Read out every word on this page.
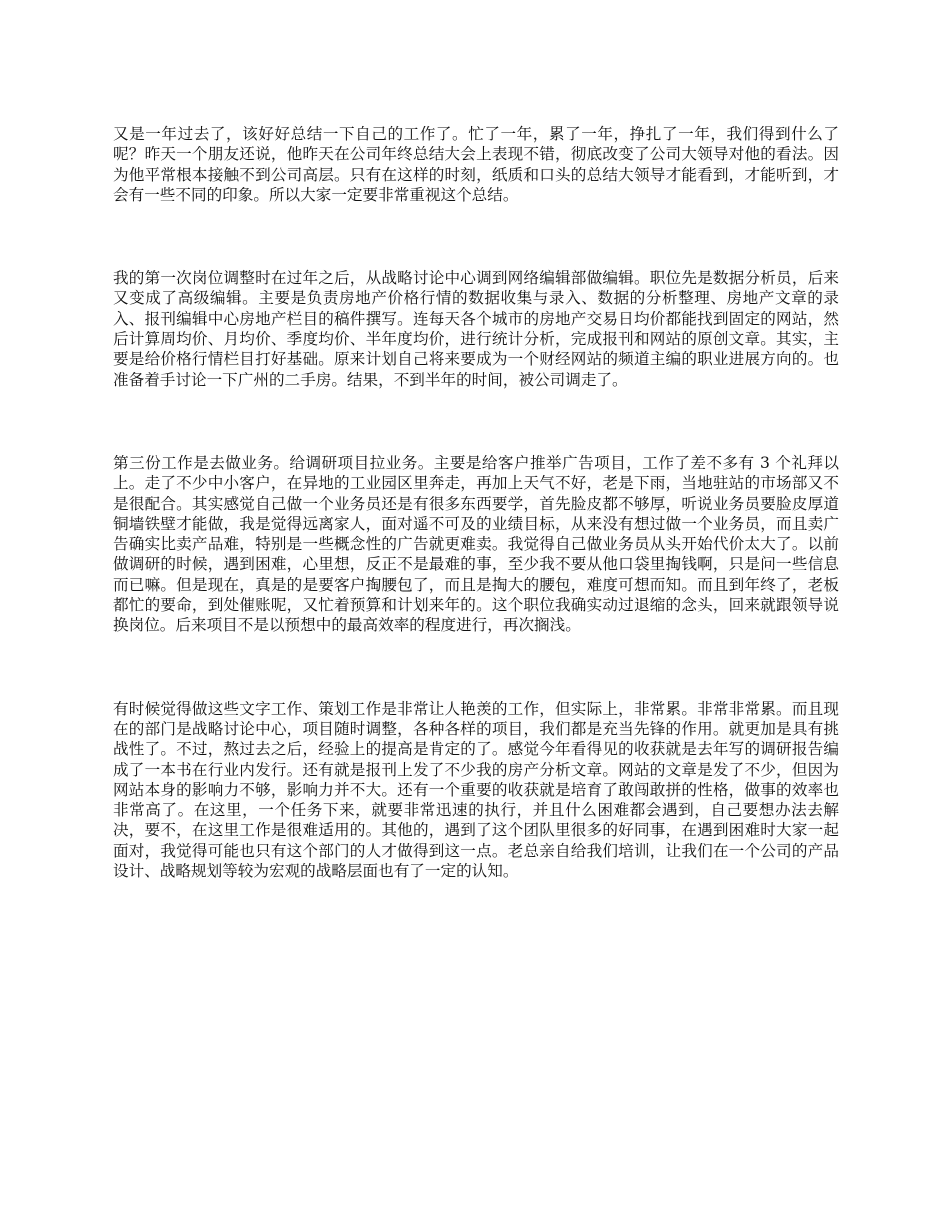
又是一年过去了，该好好总结一下自己的工作了。忙了一年，累了一年，挣扎了一年，我们得到什么了呢？昨天一个朋友还说，他昨天在公司年终总结大会上表现不错，彻底改变了公司大领导对他的看法。因为他平常根本接触不到公司高层。只有在这样的时刻，纸质和口头的总结大领导才能看到，才能听到，才会有一些不同的印象。所以大家一定要非常重视这个总结。

我的第一次岗位调整时在过年之后，从战略讨论中心调到网络编辑部做编辑。职位先是数据分析员，后来又变成了高级编辑。主要是负责房地产价格行情的数据收集与录入、数据的分析整理、房地产文章的录入、报刊编辑中心房地产栏目的稿件撰写。连每天各个城市的房地产交易日均价都能找到固定的网站，然后计算周均价、月均价、季度均价、半年度均价，进行统计分析，完成报刊和网站的原创文章。其实，主要是给价格行情栏目打好基础。原来计划自己将来要成为一个财经网站的频道主编的职业进展方向的。也准备着手讨论一下广州的二手房。结果，不到半年的时间，被公司调走了。

第三份工作是去做业务。给调研项目拉业务。主要是给客户推举广告项目，工作了差不多有 3 个礼拜以上。走了不少中小客户，在异地的工业园区里奔走，再加上天气不好，老是下雨，当地驻站的市场部又不是很配合。其实感觉自己做一个业务员还是有很多东西要学，首先脸皮都不够厚，听说业务员要脸皮厚道铜墙铁壁才能做，我是觉得远离家人，面对遥不可及的业绩目标，从来没有想过做一个业务员，而且卖广告确实比卖产品难，特别是一些概念性的广告就更难卖。我觉得自己做业务员从头开始代价太大了。以前做调研的时候，遇到困难，心里想，反正不是最难的事，至少我不要从他口袋里掏钱啊，只是问一些信息而已嘛。但是现在，真是的是要客户掏腰包了，而且是掏大的腰包，难度可想而知。而且到年终了，老板都忙的要命，到处催账呢，又忙着预算和计划来年的。这个职位我确实动过退缩的念头，回来就跟领导说换岗位。后来项目不是以预想中的最高效率的程度进行，再次搁浅。

有时候觉得做这些文字工作、策划工作是非常让人艳羡的工作，但实际上，非常累。非常非常累。而且现在的部门是战略讨论中心，项目随时调整，各种各样的项目，我们都是充当先锋的作用。就更加是具有挑战性了。不过，熬过去之后，经验上的提高是肯定的了。感觉今年看得见的收获就是去年写的调研报告编成了一本书在行业内发行。还有就是报刊上发了不少我的房产分析文章。网站的文章是发了不少，但因为网站本身的影响力不够，影响力并不大。还有一个重要的收获就是培育了敢闯敢拼的性格，做事的效率也非常高了。在这里，一个任务下来，就要非常迅速的执行，并且什么困难都会遇到，自己要想办法去解决，要不，在这里工作是很难适用的。其他的，遇到了这个团队里很多的好同事，在遇到困难时大家一起面对，我觉得可能也只有这个部门的人才做得到这一点。老总亲自给我们培训，让我们在一个公司的产品设计、战略规划等较为宏观的战略层面也有了一定的认知。
